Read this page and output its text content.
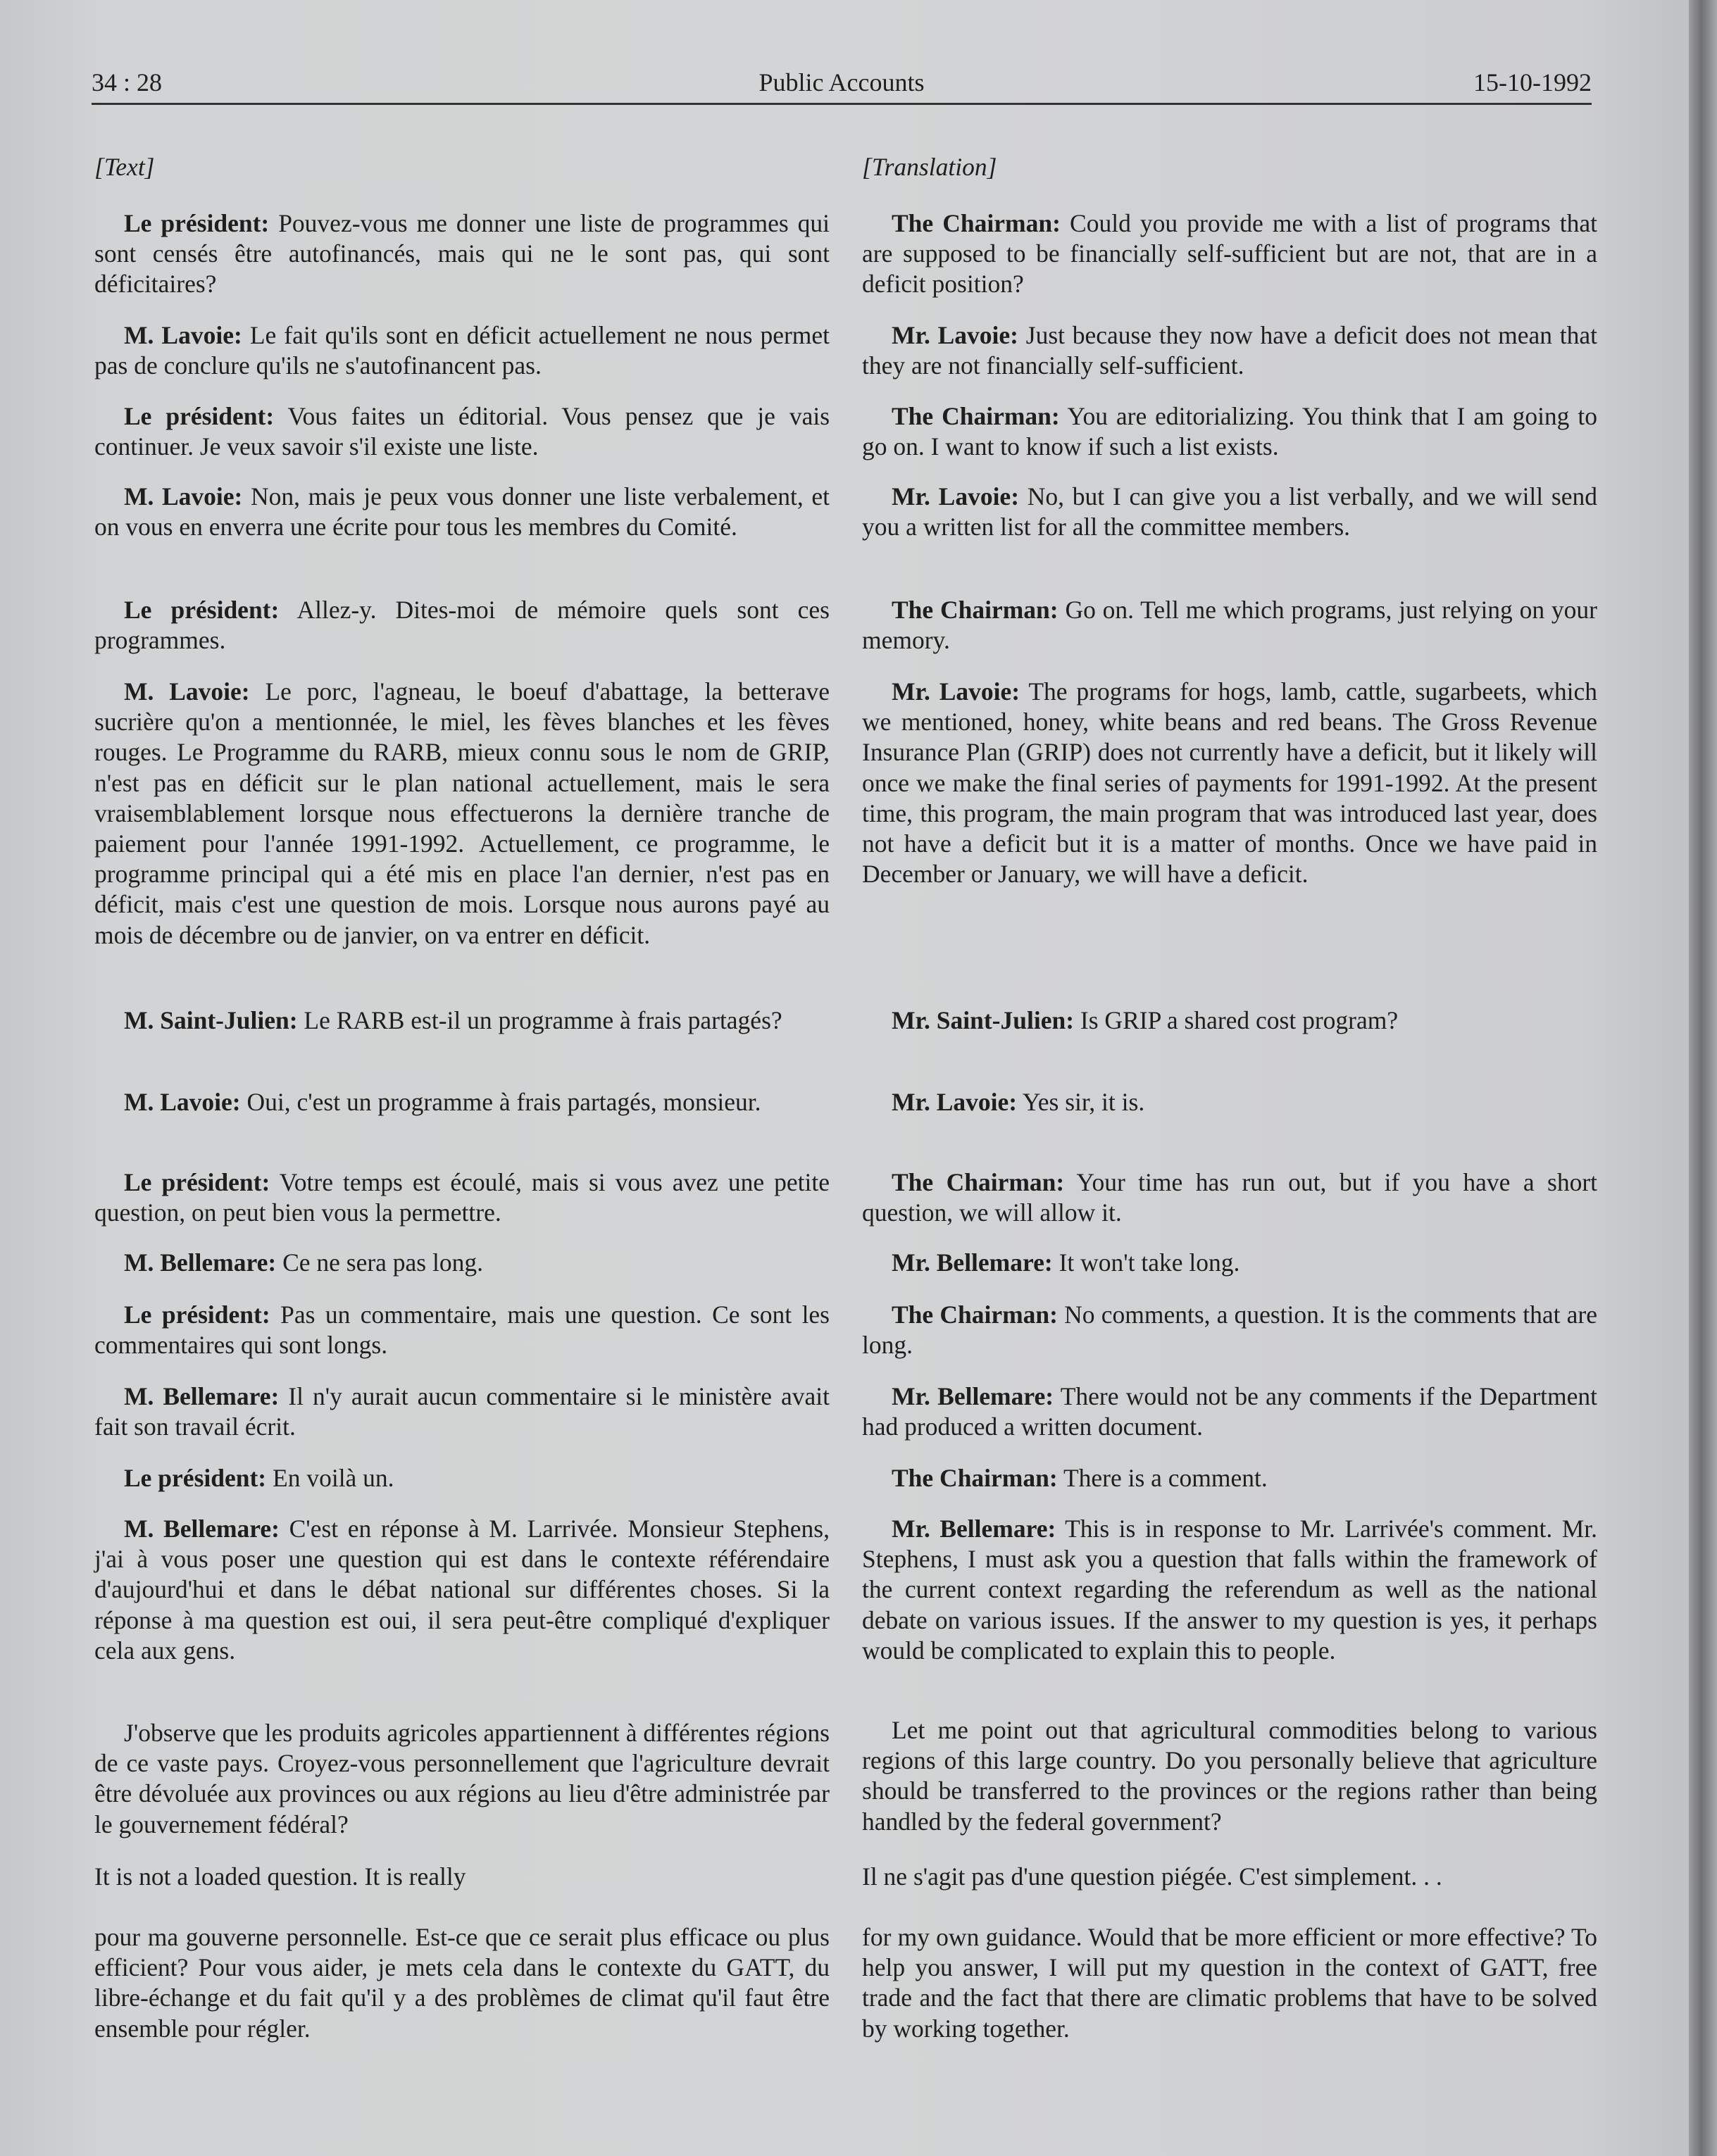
34 : 28	Public Accounts	15-10-1992
[Text]

Le président: Pouvez-vous me donner une liste de programmes qui sont censés être autofinancés, mais qui ne le sont pas, qui sont déficitaires?

M. Lavoie: Le fait qu'ils sont en déficit actuellement ne nous permet pas de conclure qu'ils ne s'autofinancent pas.

Le président: Vous faites un éditorial. Vous pensez que je vais continuer. Je veux savoir s'il existe une liste.

M. Lavoie: Non, mais je peux vous donner une liste verbalement, et on vous en enverra une écrite pour tous les membres du Comité.

Le président: Allez-y. Dites-moi de mémoire quels sont ces programmes.

M. Lavoie: Le porc, l'agneau, le boeuf d'abattage, la betterave sucrière qu'on a mentionnée, le miel, les fèves blanches et les fèves rouges. Le Programme du RARB, mieux connu sous le nom de GRIP, n'est pas en déficit sur le plan national actuellement, mais le sera vraisemblablement lorsque nous effectuerons la dernière tranche de paiement pour l'année 1991-1992. Actuellement, ce programme, le programme principal qui a été mis en place l'an dernier, n'est pas en déficit, mais c'est une question de mois. Lorsque nous aurons payé au mois de décembre ou de janvier, on va entrer en déficit.

M. Saint-Julien: Le RARB est-il un programme à frais partagés?

M. Lavoie: Oui, c'est un programme à frais partagés, monsieur.

Le président: Votre temps est écoulé, mais si vous avez une petite question, on peut bien vous la permettre.

M. Bellemare: Ce ne sera pas long.

Le président: Pas un commentaire, mais une question. Ce sont les commentaires qui sont longs.

M. Bellemare: Il n'y aurait aucun commentaire si le ministère avait fait son travail écrit.

Le président: En voilà un.

M. Bellemare: C'est en réponse à M. Larrivée. Monsieur Stephens, j'ai à vous poser une question qui est dans le contexte référendaire d'aujourd'hui et dans le débat national sur différentes choses. Si la réponse à ma question est oui, il sera peut-être compliqué d'expliquer cela aux gens.

J'observe que les produits agricoles appartiennent à différentes régions de ce vaste pays. Croyez-vous personnellement que l'agriculture devrait être dévoluée aux provinces ou aux régions au lieu d'être administrée par le gouvernement fédéral?

It is not a loaded question. It is really

pour ma gouverne personnelle. Est-ce que ce serait plus efficace ou plus efficient? Pour vous aider, je mets cela dans le contexte du GATT, du libre-échange et du fait qu'il y a des problèmes de climat qu'il faut être ensemble pour régler.

[Translation]

The Chairman: Could you provide me with a list of programs that are supposed to be financially self-sufficient but are not, that are in a deficit position?

Mr. Lavoie: Just because they now have a deficit does not mean that they are not financially self-sufficient.

The Chairman: You are editorializing. You think that I am going to go on. I want to know if such a list exists.

Mr. Lavoie: No, but I can give you a list verbally, and we will send you a written list for all the committee members.

The Chairman: Go on. Tell me which programs, just relying on your memory.

Mr. Lavoie: The programs for hogs, lamb, cattle, sugarbeets, which we mentioned, honey, white beans and red beans. The Gross Revenue Insurance Plan (GRIP) does not currently have a deficit, but it likely will once we make the final series of payments for 1991-1992. At the present time, this program, the main program that was introduced last year, does not have a deficit but it is a matter of months. Once we have paid in December or January, we will have a deficit.

Mr. Saint-Julien: Is GRIP a shared cost program?

Mr. Lavoie: Yes sir, it is.

The Chairman: Your time has run out, but if you have a short question, we will allow it.

Mr. Bellemare: It won't take long.

The Chairman: No comments, a question. It is the comments that are long.

Mr. Bellemare: There would not be any comments if the Department had produced a written document.

The Chairman: There is a comment.

Mr. Bellemare: This is in response to Mr. Larrivée's comment. Mr. Stephens, I must ask you a question that falls within the framework of the current context regarding the referendum as well as the national debate on various issues. If the answer to my question is yes, it perhaps would be complicated to explain this to people.

Let me point out that agricultural commodities belong to various regions of this large country. Do you personally believe that agriculture should be transferred to the provinces or the regions rather than being handled by the federal government?

Il ne s'agit pas d'une question piégée. C'est simplement. . .

for my own guidance. Would that be more efficient or more effective? To help you answer, I will put my question in the context of GATT, free trade and the fact that there are climatic problems that have to be solved by working together.
